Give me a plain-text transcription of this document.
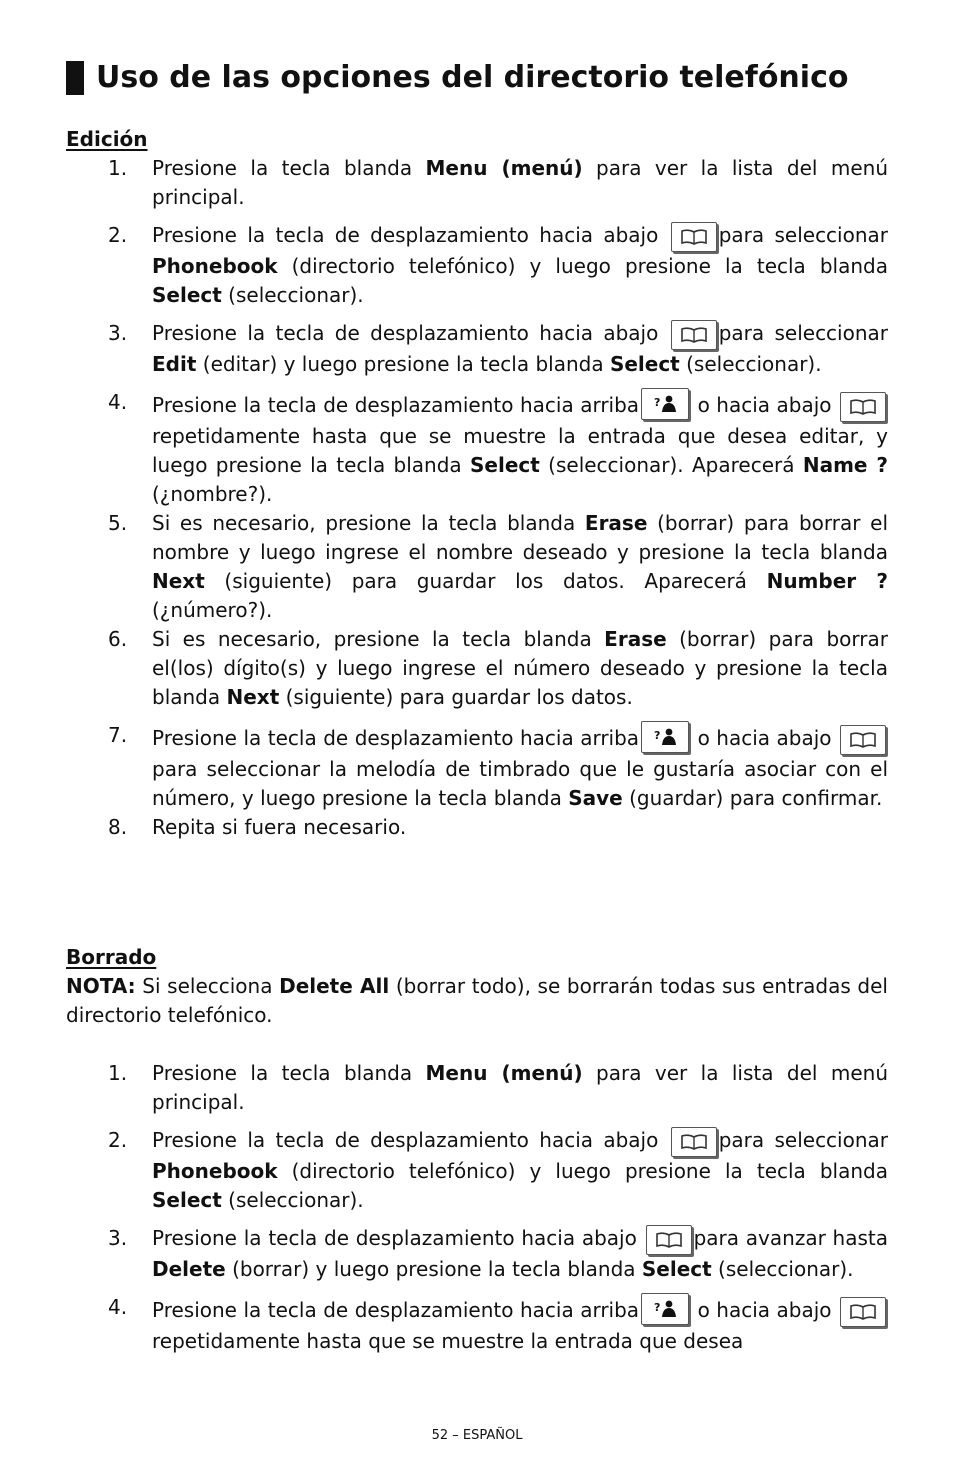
Uso de las opciones del directorio telefónico
Edición
1.	Presione la tecla blanda Menu (menú) para ver la lista del menú principal.
2.	Presione la tecla de desplazamiento hacia abajo	para seleccionar Phonebook (directorio telefónico) y luego presione la tecla blanda Select (seleccionar).
3.	Presione la tecla de desplazamiento hacia abajo	para seleccionar Edit (editar) y luego presione la tecla blanda Select (seleccionar).
4.	Presione la tecla de desplazamiento hacia arriba ? o hacia abajo
repetidamente hasta que se muestre la entrada que desea editar, y luego presione la tecla blanda Select (seleccionar). Aparecerá Name ? (¿nombre?).
5.	Si es necesario, presione la tecla blanda Erase (borrar) para borrar el nombre y luego ingrese el nombre deseado y presione la tecla blanda Next (siguiente) para guardar los datos. Aparecerá Number ? (¿número?).
6.	Si es necesario, presione la tecla blanda Erase (borrar) para borrar el(los) dígito(s) y luego ingrese el número deseado y presione la tecla blanda Next (siguiente) para guardar los datos.
7.	Presione la tecla de desplazamiento hacia arriba ? o hacia abajo
para seleccionar la melodía de timbrado que le gustaría asociar con el número, y luego presione la tecla blanda Save (guardar) para confirmar.
8.	Repita si fuera necesario.
Borrado
NOTA: Si selecciona Delete All (borrar todo), se borrarán todas sus entradas del directorio telefónico.
1.	Presione la tecla blanda Menu (menú) para ver la lista del menú principal.
2.	Presione la tecla de desplazamiento hacia abajo	para seleccionar Phonebook (directorio telefónico) y luego presione la tecla blanda Select (seleccionar).
3.	Presione la tecla de desplazamiento hacia abajo	para avanzar hasta Delete (borrar) y luego presione la tecla blanda Select (seleccionar).
4.	Presione la tecla de desplazamiento hacia arriba ? o hacia abajo
repetidamente hasta que se muestre la entrada que desea
52 – ESPAÑOL
